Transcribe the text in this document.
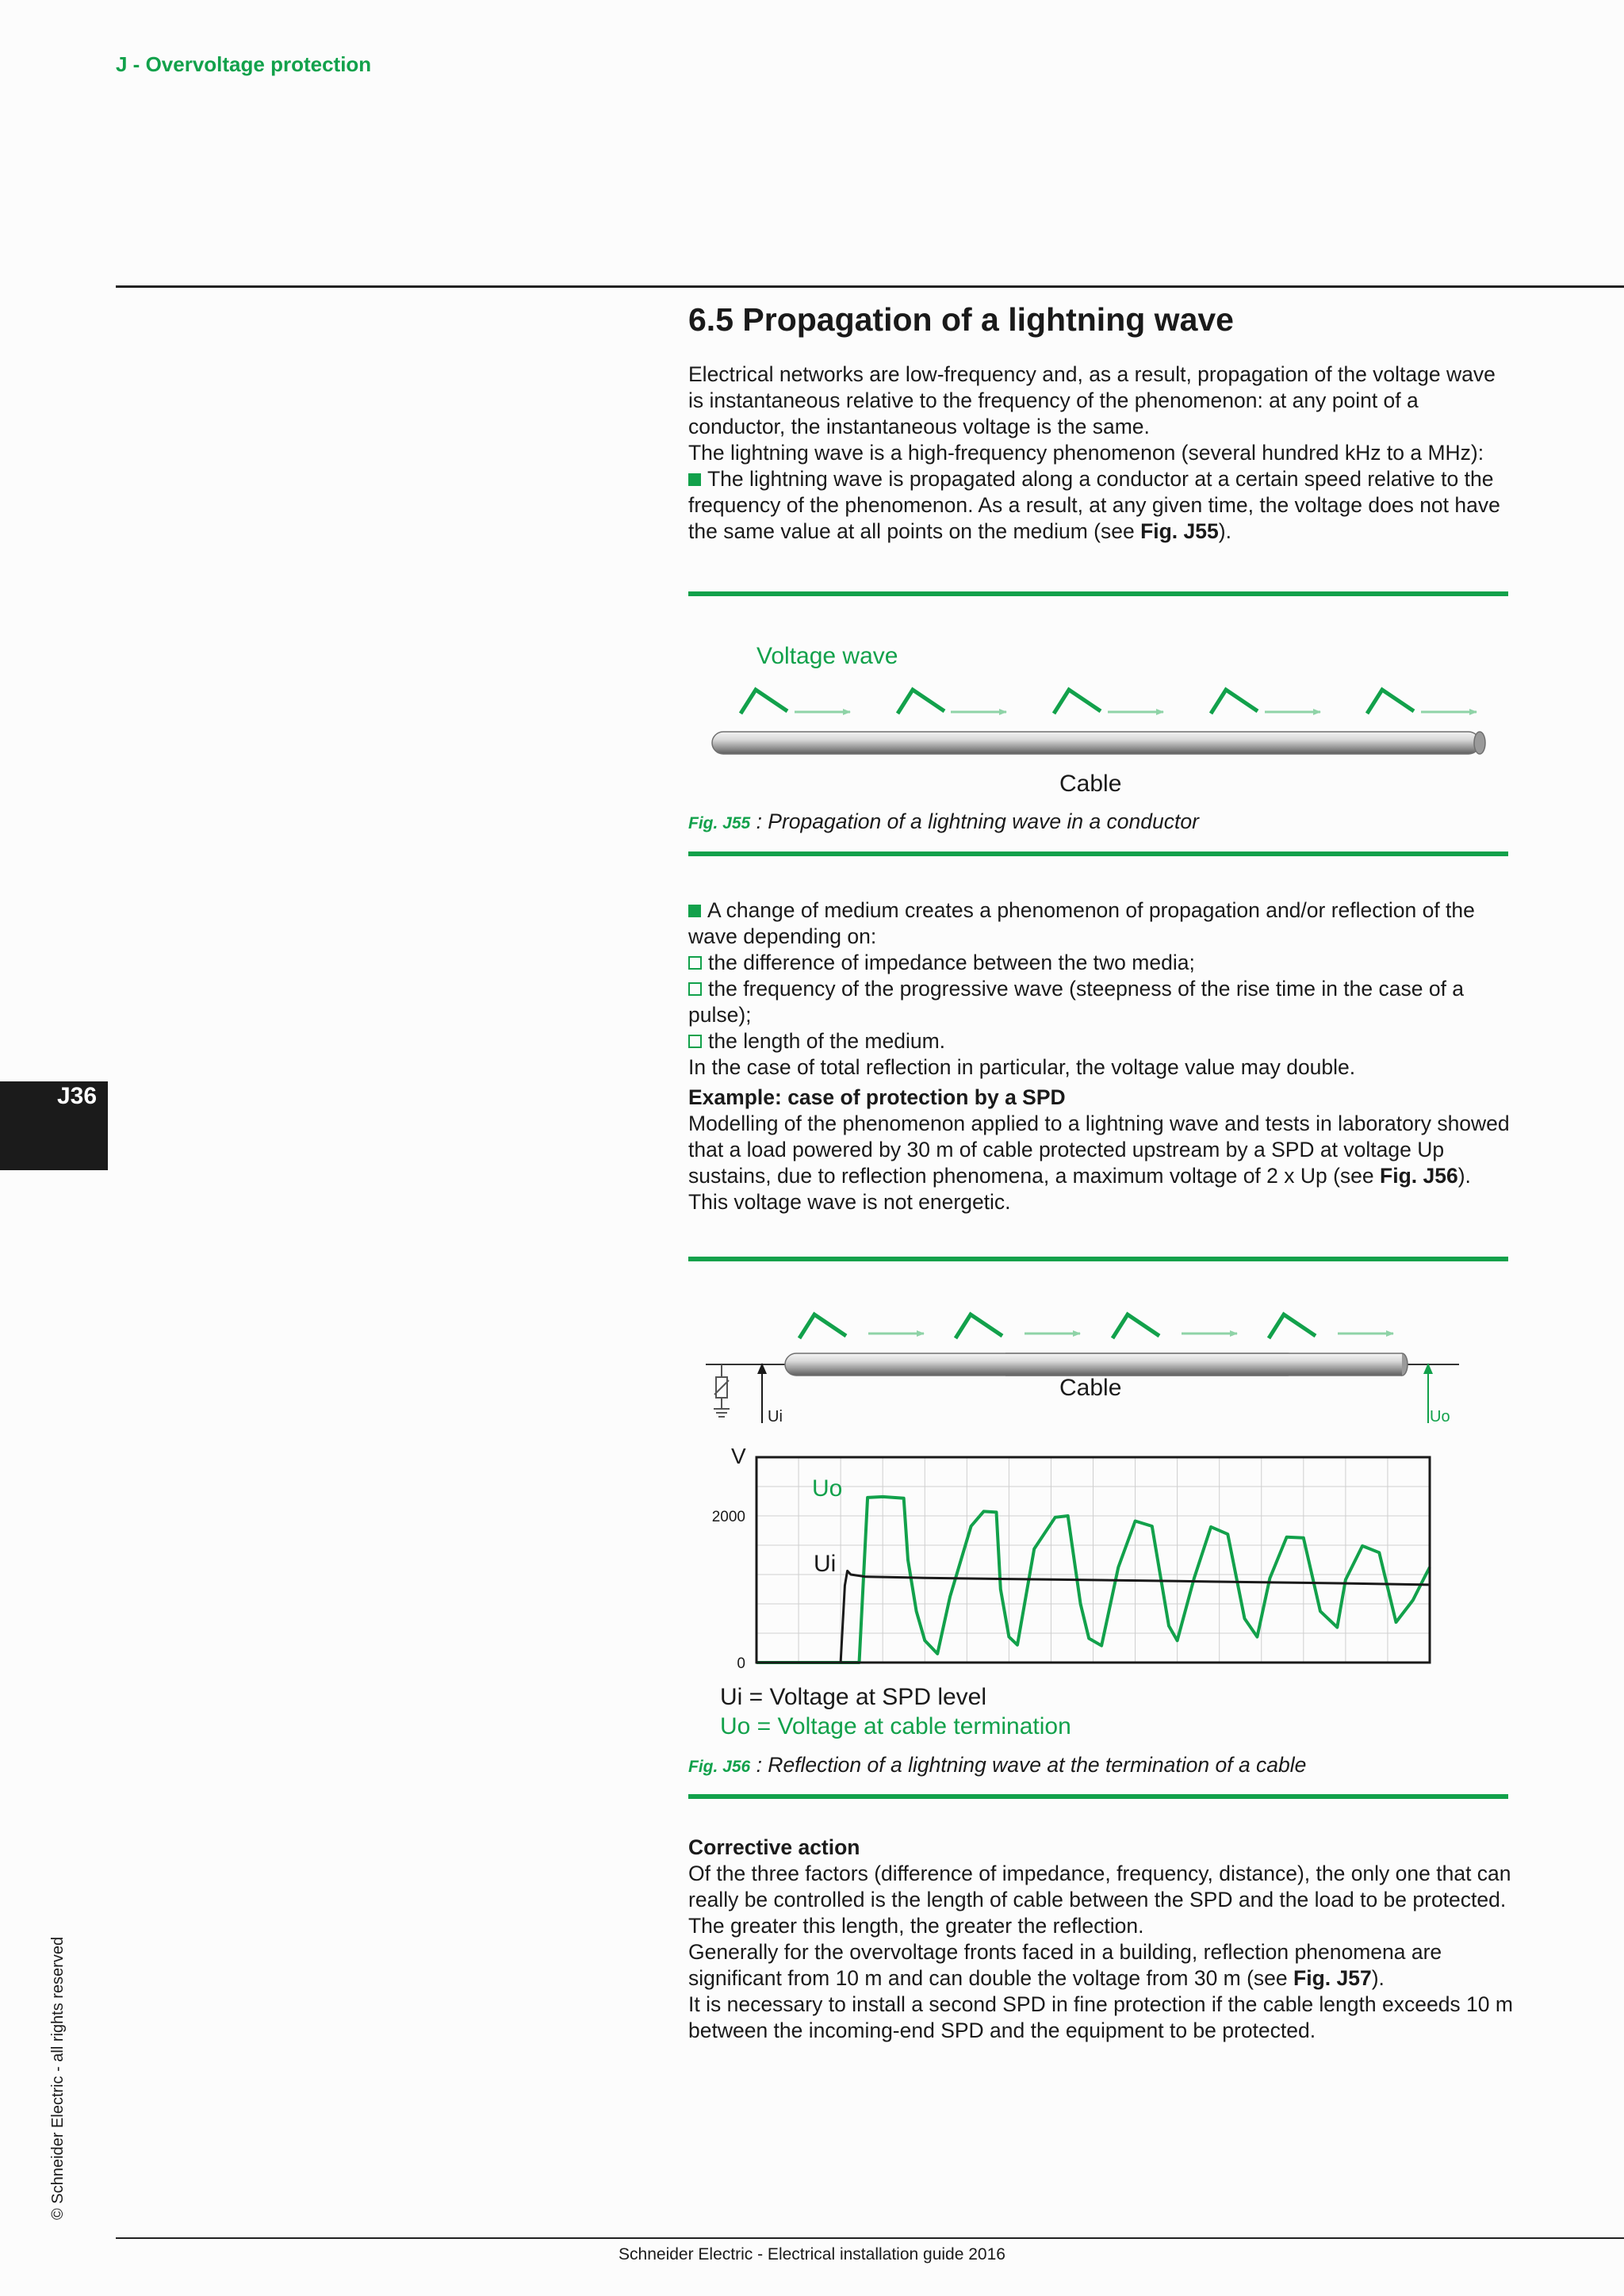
J - Overvoltage protection
6.5 Propagation of a lightning wave

Electrical networks are low-frequency and, as a result, propagation of the voltage wave is instantaneous relative to the frequency of the phenomenon: at any point of a conductor, the instantaneous voltage is the same.

The lightning wave is a high-frequency phenomenon (several hundred kHz to a MHz):

The lightning wave is propagated along a conductor at a certain speed relative to the frequency of the phenomenon. As a result, at any given time, the voltage does not have the same value at all points on the medium (see Fig. J55).

Voltage wave
Cable
Fig. J55 : Propagation of a lightning wave in a conductor

A change of medium creates a phenomenon of propagation and/or reflection of the wave depending on:

the difference of impedance between the two media;

the frequency of the progressive wave (steepness of the rise time in the case of a pulse);

the length of the medium.

In the case of total reflection in particular, the voltage value may double.

Example: case of protection by a SPD

Modelling of the phenomenon applied to a lightning wave and tests in laboratory showed that a load powered by 30 m of cable protected upstream by a SPD at voltage Up sustains, due to reflection phenomena, a maximum voltage of 2 x Up (see Fig. J56). This voltage wave is not energetic.

Cable
Ui	Uo
V
0
2000
Uo
Ui
Ui = Voltage at SPD level
Uo = Voltage at cable termination
Fig. J56 : Reflection of a lightning wave at the termination of a cable

Corrective action

Of the three factors (difference of impedance, frequency, distance), the only one that can really be controlled is the length of cable between the SPD and the load to be protected. The greater this length, the greater the reflection.

Generally for the overvoltage fronts faced in a building, reflection phenomena are significant from 10 m and can double the voltage from 30 m (see Fig. J57).

It is necessary to install a second SPD in fine protection if the cable length exceeds 10 m between the incoming-end SPD and the equipment to be protected.

J36
© Schneider Electric - all rights reserved
Schneider Electric - Electrical installation guide 2016
